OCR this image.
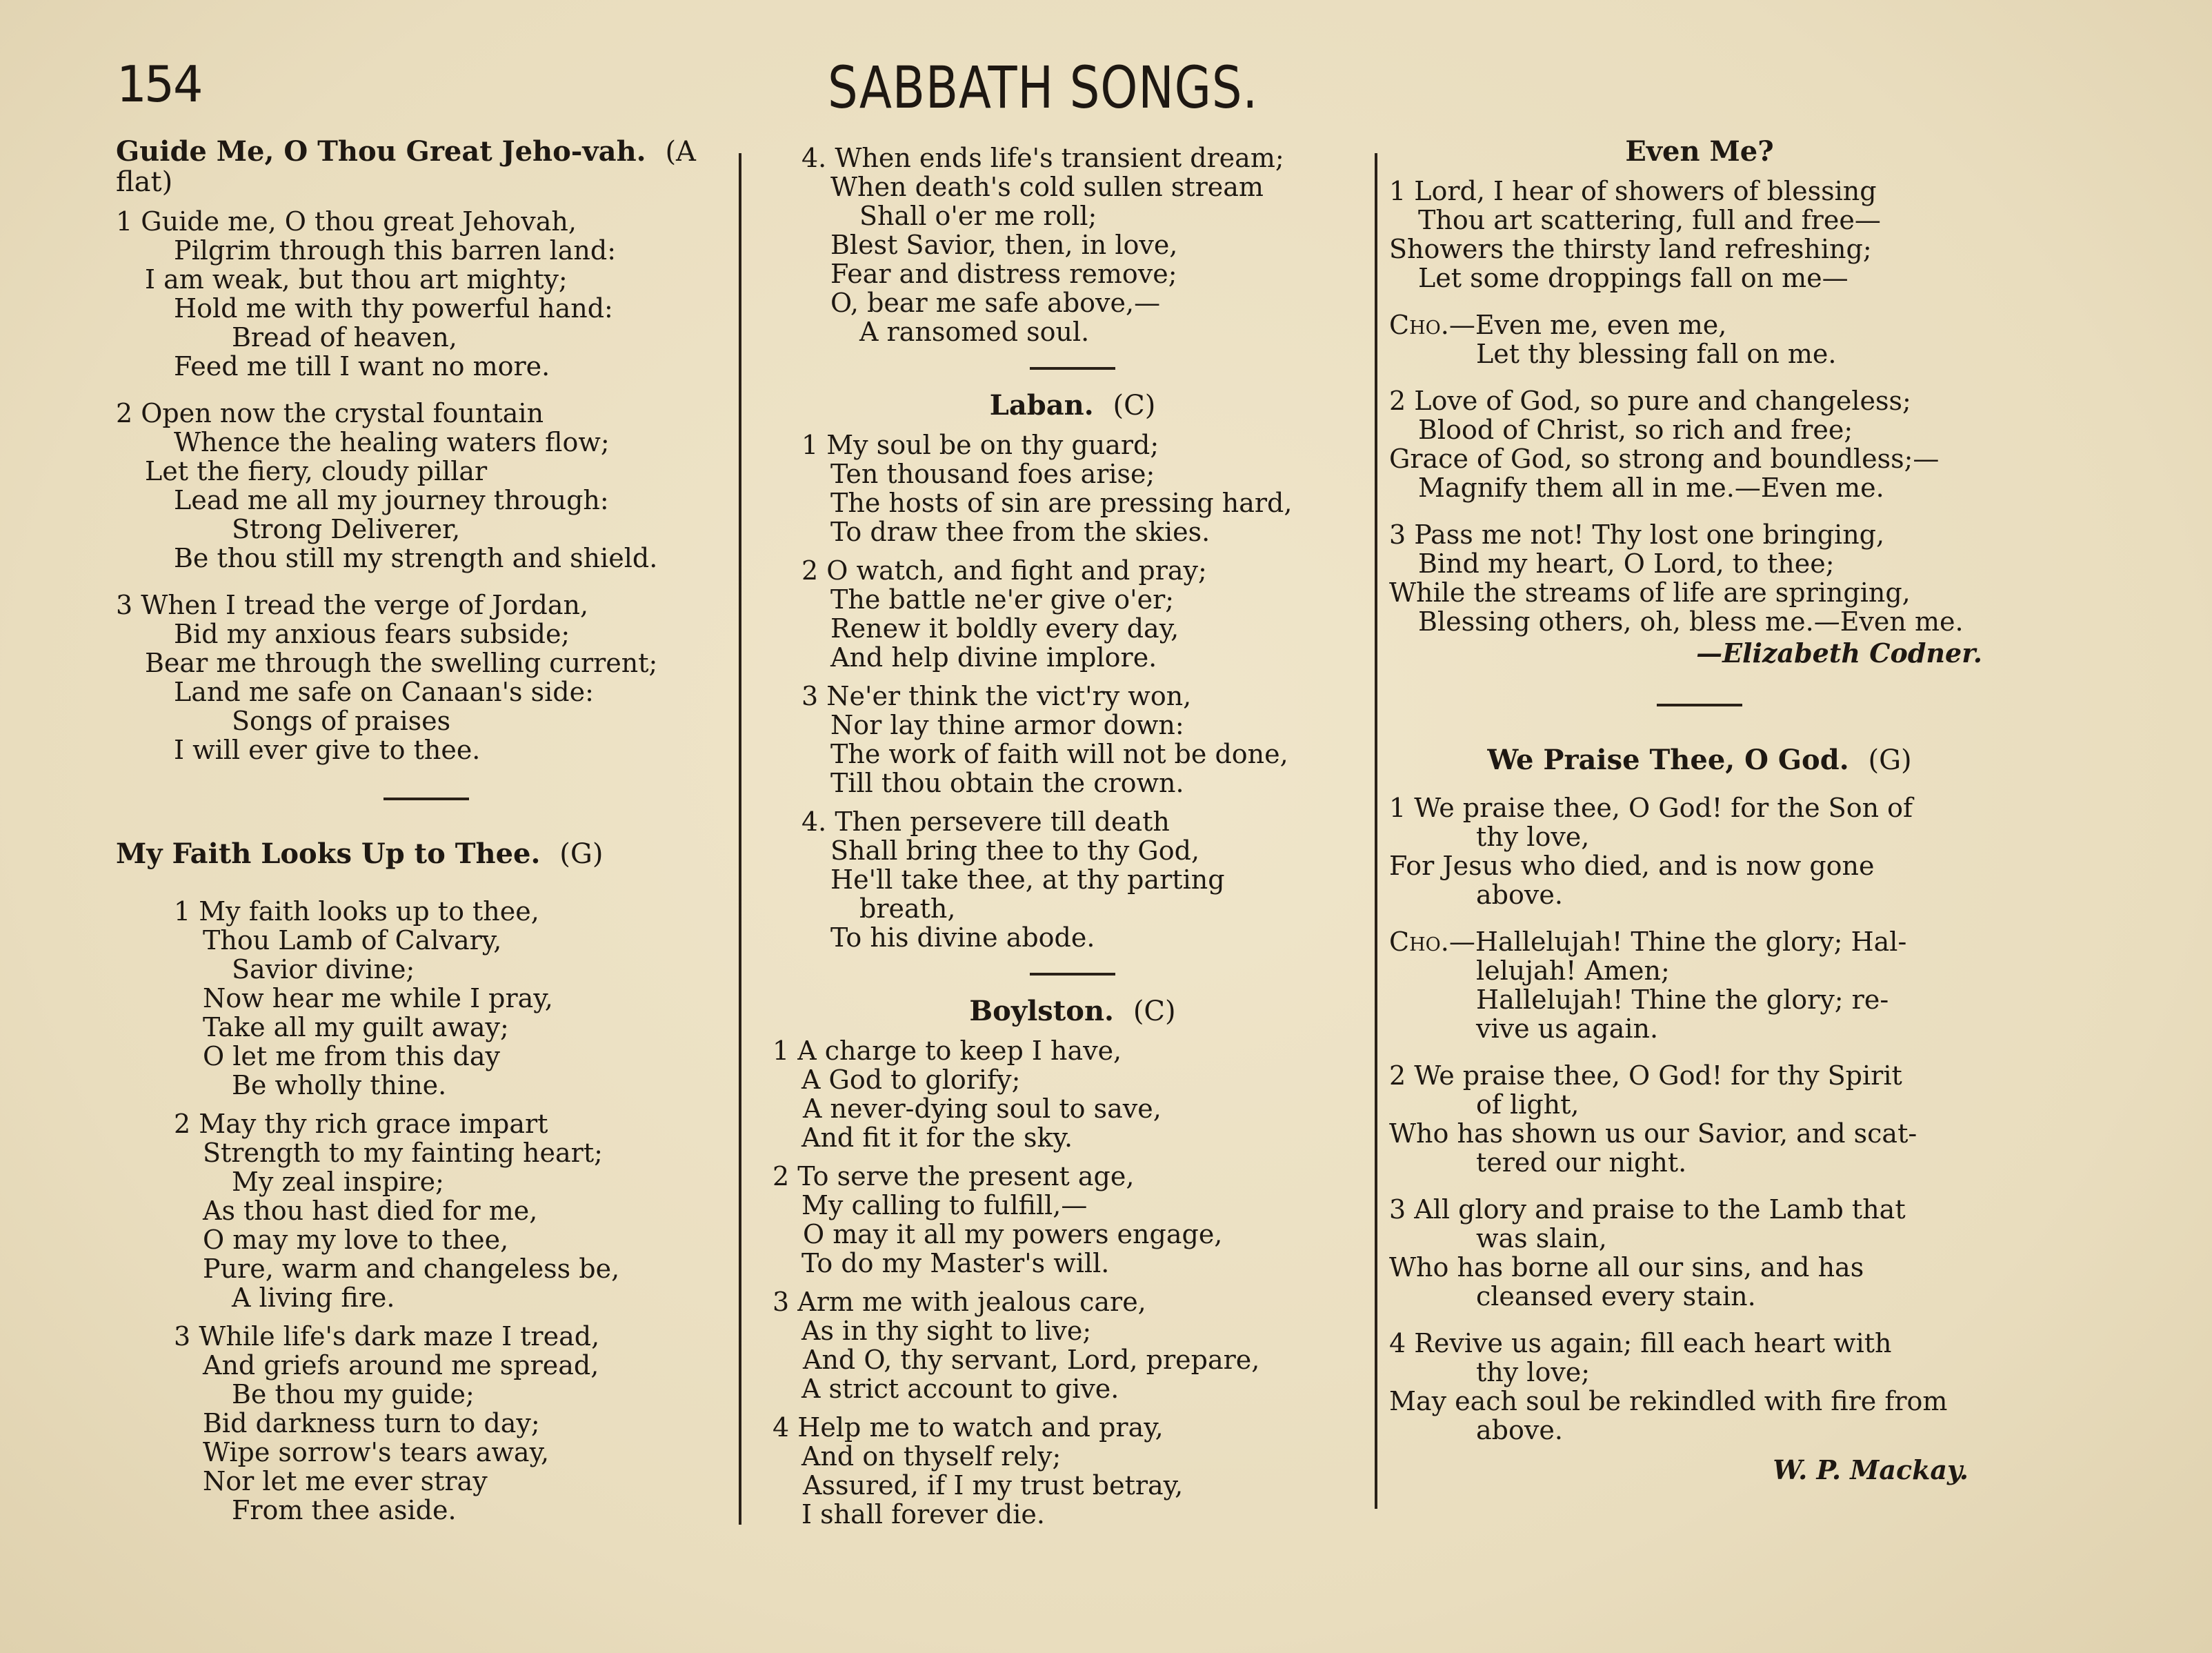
154	SABBATH SONGS.
Guide Me, O Thou Great Jeho-vah. (A flat)
1 Guide me, O thou great Jehovah,
Pilgrim through this barren land:
I am weak, but thou art mighty;
Hold me with thy powerful hand:
Bread of heaven,
Feed me till I want no more.
2 Open now the crystal fountain
Whence the healing waters flow;
Let the fiery, cloudy pillar
Lead me all my journey through:
Strong Deliverer,
Be thou still my strength and shield.
3 When I tread the verge of Jordan,
Bid my anxious fears subside;
Bear me through the swelling current;
Land me safe on Canaan's side:
Songs of praises
I will ever give to thee.
My Faith Looks Up to Thee. (G)
1 My faith looks up to thee,
Thou Lamb of Calvary,
Savior divine;
Now hear me while I pray,
Take all my guilt away;
O let me from this day
Be wholly thine.
2 May thy rich grace impart
Strength to my fainting heart;
My zeal inspire;
As thou hast died for me,
O may my love to thee,
Pure, warm and changeless be,
A living fire.
3 While life's dark maze I tread,
And griefs around me spread,
Be thou my guide;
Bid darkness turn to day;
Wipe sorrow's tears away,
Nor let me ever stray
From thee aside.
4. When ends life's transient dream;
When death's cold sullen stream
Shall o'er me roll;
Blest Savior, then, in love,
Fear and distress remove;
O, bear me safe above,—
A ransomed soul.
Laban. (C)
1 My soul be on thy guard;
Ten thousand foes arise;
The hosts of sin are pressing hard,
To draw thee from the skies.
2 O watch, and fight and pray;
The battle ne'er give o'er;
Renew it boldly every day,
And help divine implore.
3 Ne'er think the vict'ry won,
Nor lay thine armor down:
The work of faith will not be done,
Till thou obtain the crown.
4. Then persevere till death
Shall bring thee to thy God,
He'll take thee, at thy parting
breath,
To his divine abode.
Boylston. (C)
1 A charge to keep I have,
A God to glorify;
A never-dying soul to save,
And fit it for the sky.
2 To serve the present age,
My calling to fulfill,—
O may it all my powers engage,
To do my Master's will.
3 Arm me with jealous care,
As in thy sight to live;
And O, thy servant, Lord, prepare,
A strict account to give.
4 Help me to watch and pray,
And on thyself rely;
Assured, if I my trust betray,
I shall forever die.
Even Me?
1 Lord, I hear of showers of blessing
Thou art scattering, full and free—
Showers the thirsty land refreshing;
Let some droppings fall on me—
Cho.—Even me, even me,
Let thy blessing fall on me.
2 Love of God, so pure and changeless;
Blood of Christ, so rich and free;
Grace of God, so strong and boundless;—
Magnify them all in me.—Even me.
3 Pass me not! Thy lost one bringing,
Bind my heart, O Lord, to thee;
While the streams of life are springing,
Blessing others, oh, bless me.—Even me.
—Elizabeth Codner.
We Praise Thee, O God. (G)
1 We praise thee, O God! for the Son of
thy love,
For Jesus who died, and is now gone
above.
Cho.—Hallelujah! Thine the glory; Hal-
lelujah! Amen;
Hallelujah! Thine the glory; re-
vive us again.
2 We praise thee, O God! for thy Spirit
of light,
Who has shown us our Savior, and scat-
tered our night.
3 All glory and praise to the Lamb that
was slain,
Who has borne all our sins, and has
cleansed every stain.
4 Revive us again; fill each heart with
thy love;
May each soul be rekindled with fire from
above.
W. P. Mackay.
